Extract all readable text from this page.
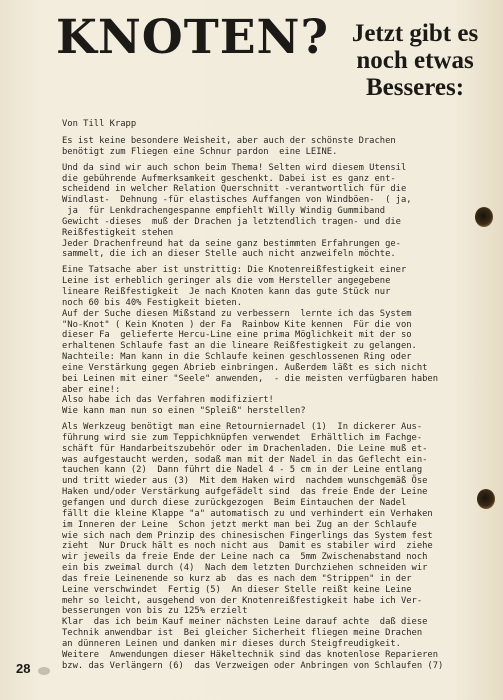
KNOTEN? Jetzt gibt es
noch etwas
Besseres:
Von Till Krapp
Es ist keine besondere Weisheit, aber auch der schönste Drachen
benötigt zum Fliegen eine Schnur pardon  eine LEINE.
Und da sind wir auch schon beim Thema! Selten wird diesem Utensil
die gebührende Aufmerksamkeit geschenkt. Dabei ist es ganz ent-
scheidend in welcher Relation Querschnitt -verantwortlich für die
Windlast-  Dehnung -für elastisches Auffangen von Windböen-  ( ja,
ja  für Lenkdrachengespanne empfiehlt Willy Windig Gummiband
Gewicht -dieses  muß der Drachen ja letztendlich tragen- und die
Reißfestigkeit stehen
Jeder Drachenfreund hat da seine ganz bestimmten Erfahrungen ge-
sammelt, die ich an dieser Stelle auch nicht anzweifeln möchte.
Eine Tatsache aber ist unstrittig: Die Knotenreißfestigkeit einer
Leine ist erheblich geringer als die vom Hersteller angegebene
lineare Reißfestigkeit  Je nach Knoten kann das gute Stück nur
noch 60 bis 40% Festigkeit bieten.
Auf der Suche diesen Mißstand zu verbessern  lernte ich das System
"No-Knot" ( Kein Knoten ) der Fa  Rainbow Kite kennen  Für die von
dieser Fa  gelieferte Hercu-Line eine prima Möglichkeit mit der so
erhaltenen Schlaufe fast an die lineare Reißfestigkeit zu gelangen.
Nachteile: Man kann in die Schlaufe keinen geschlossenen Ring oder
eine Verstärkung gegen Abrieb einbringen. Außerdem läßt es sich nicht
bei Leinen mit einer "Seele" anwenden,  - die meisten verfügbaren haben
aber eine!:
Also habe ich das Verfahren modifiziert!
Wie kann man nun so einen "Spleiß" herstellen?
Als Werkzeug benötigt man eine Retourniernadel (1)  In dickerer Aus-
führung wird sie zum Teppichknüpfen verwendet  Erhältlich im Fachge-
schäft für Handarbeitszubehör oder im Drachenladen. Die Leine muß et-
was aufgestaucht werden, sodaß man mit der Nadel in das Geflecht ein-
tauchen kann (2)  Dann führt die Nadel 4 - 5 cm in der Leine entlang
und tritt wieder aus (3)  Mit dem Haken wird  nachdem wunschgemäß Öse
Haken und/oder Verstärkung aufgefädelt sind  das freie Ende der Leine
gefangen und durch diese zurückgezogen  Beim Eintauchen der Nadel
fällt die kleine Klappe "a" automatisch zu und verhindert ein Verhaken
im Inneren der Leine  Schon jetzt merkt man bei Zug an der Schlaufe
wie sich nach dem Prinzip des chinesischen Fingerlings das System fest
zieht  Nur Druck hält es noch nicht aus  Damit es stabiler wird  ziehe
wir jeweils da freie Ende der Leine nach ca  5mm Zwischenabstand noch
ein bis zweimal durch (4)  Nach dem letzten Durchziehen schneiden wir
das freie Leinenende so kurz ab  das es nach dem "Strippen" in der
Leine verschwindet  Fertig (5)  An dieser Stelle reißt keine Leine
mehr so leicht, ausgehend von der Knotenreißfestigkeit habe ich Ver-
besserungen von bis zu 125% erzielt
Klar  das ich beim Kauf meiner nächsten Leine darauf achte  daß diese
Technik anwendbar ist  Bei gleicher Sicherheit fliegen meine Drachen
an dünneren Leinen und danken mir dieses durch Steigfreudigkeit.
Weitere  Anwendungen dieser Häkeltechnik sind das knotenlose Reparieren
bzw. das Verlängern (6)  das Verzweigen oder Anbringen von Schlaufen (7)
28
